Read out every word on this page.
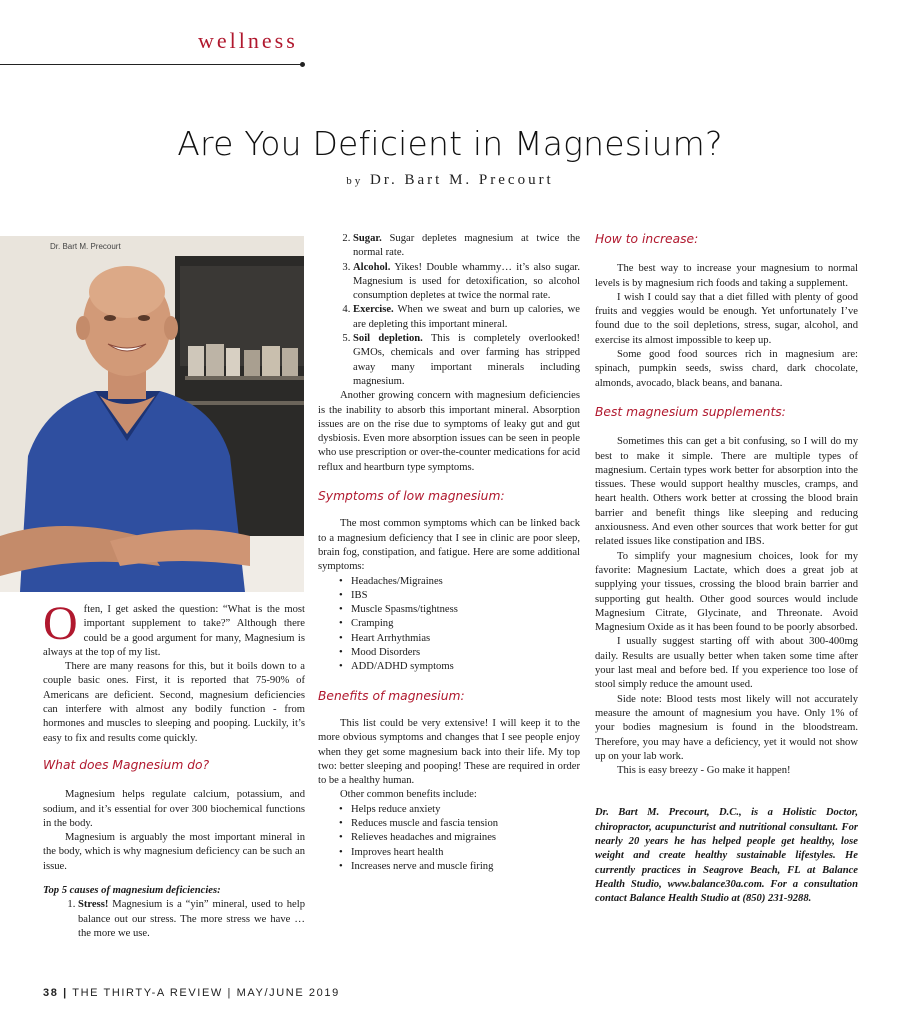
wellness
Are You Deficient in Magnesium?
by Dr. Bart M. Precourt
Dr. Bart M. Precourt

Often, I get asked the question: “What is the most important supplement to take?” Although there could be a good argument for many, Magnesium is always at the top of my list.

There are many reasons for this, but it boils down to a couple basic ones. First, it is reported that 75-90% of Americans are deficient. Second, magnesium deficiencies can interfere with almost any bodily function - from hormones and muscles to sleeping and pooping. Luckily, it’s easy to fix and results come quickly.

What does Magnesium do?

Magnesium helps regulate calcium, potassium, and sodium, and it’s essential for over 300 biochemical functions in the body.

Magnesium is arguably the most important mineral in the body, which is why magnesium deficiency can be such an issue.

Top 5 causes of magnesium deficiencies:

1. Stress! Magnesium is a “yin” mineral, used to help balance out our stress. The more stress we have … the more we use.
2. Sugar. Sugar depletes magnesium at twice the normal rate.
3. Alcohol. Yikes! Double whammy… it’s also sugar. Magnesium is used for detoxification, so alcohol consumption depletes at twice the normal rate.
4. Exercise. When we sweat and burn up calories, we are depleting this important mineral.
5. Soil depletion. This is completely overlooked! GMOs, chemicals and over farming has stripped away many important minerals including magnesium.

Another growing concern with magnesium deficiencies is the inability to absorb this important mineral. Absorption issues are on the rise due to symptoms of leaky gut and gut dysbiosis. Even more absorption issues can be seen in people who use prescription or over-the-counter medications for acid reflux and heartburn type symptoms.

Symptoms of low magnesium:

The most common symptoms which can be linked back to a magnesium deficiency that I see in clinic are poor sleep, brain fog, constipation, and fatigue. Here are some additional symptoms:

• Headaches/Migraines
• IBS
• Muscle Spasms/tightness
• Cramping
• Heart Arrhythmias
• Mood Disorders
• ADD/ADHD symptoms
Benefits of magnesium:

This list could be very extensive! I will keep it to the more obvious symptoms and changes that I see people enjoy when they get some magnesium back into their life. My top two: better sleeping and pooping! These are required in order to be a healthy human.

Other common benefits include:

• Helps reduce anxiety
• Reduces muscle and fascia tension
• Relieves headaches and migraines
• Improves heart health
• Increases nerve and muscle firing
How to increase:

The best way to increase your magnesium to normal levels is by magnesium rich foods and taking a supplement.

I wish I could say that a diet filled with plenty of good fruits and veggies would be enough. Yet unfortunately I’ve found due to the soil depletions, stress, sugar, alcohol, and exercise its almost impossible to keep up.

Some good food sources rich in magnesium are: spinach, pumpkin seeds, swiss chard, dark chocolate, almonds, avocado, black beans, and banana.

Best magnesium supplements:

Sometimes this can get a bit confusing, so I will do my best to make it simple. There are multiple types of magnesium. Certain types work better for absorption into the tissues. These would support healthy muscles, cramps, and heart health. Others work better at crossing the blood brain barrier and benefit things like sleeping and reducing anxiousness. And even other sources that work better for gut related issues like constipation and IBS.

To simplify your magnesium choices, look for my favorite: Magnesium Lactate, which does a great job at supplying your tissues, crossing the blood brain barrier and supporting gut health. Other good sources would include Magnesium Citrate, Glycinate, and Threonate. Avoid Magnesium Oxide as it has been found to be poorly absorbed.

I usually suggest starting off with about 300-400mg daily. Results are usually better when taken some time after your last meal and before bed. If you experience too lose of stool simply reduce the amount used.

Side note: Blood tests most likely will not accurately measure the amount of magnesium you have. Only 1% of your bodies magnesium is found in the bloodstream. Therefore, you may have a deficiency, yet it would not show up on your lab work.

This is easy breezy - Go make it happen!

Dr. Bart M. Precourt, D.C., is a Holistic Doctor, chiropractor, acupuncturist and nutritional consultant. For nearly 20 years he has helped people get healthy, lose weight and create healthy sustainable lifestyles. He currently practices in Seagrove Beach, FL at Balance Health Studio, www.balance30a.com. For a consultation contact Balance Health Studio at (850) 231-9288.

38 | THE THIRTY-A REVIEW | MAY/JUNE 2019
